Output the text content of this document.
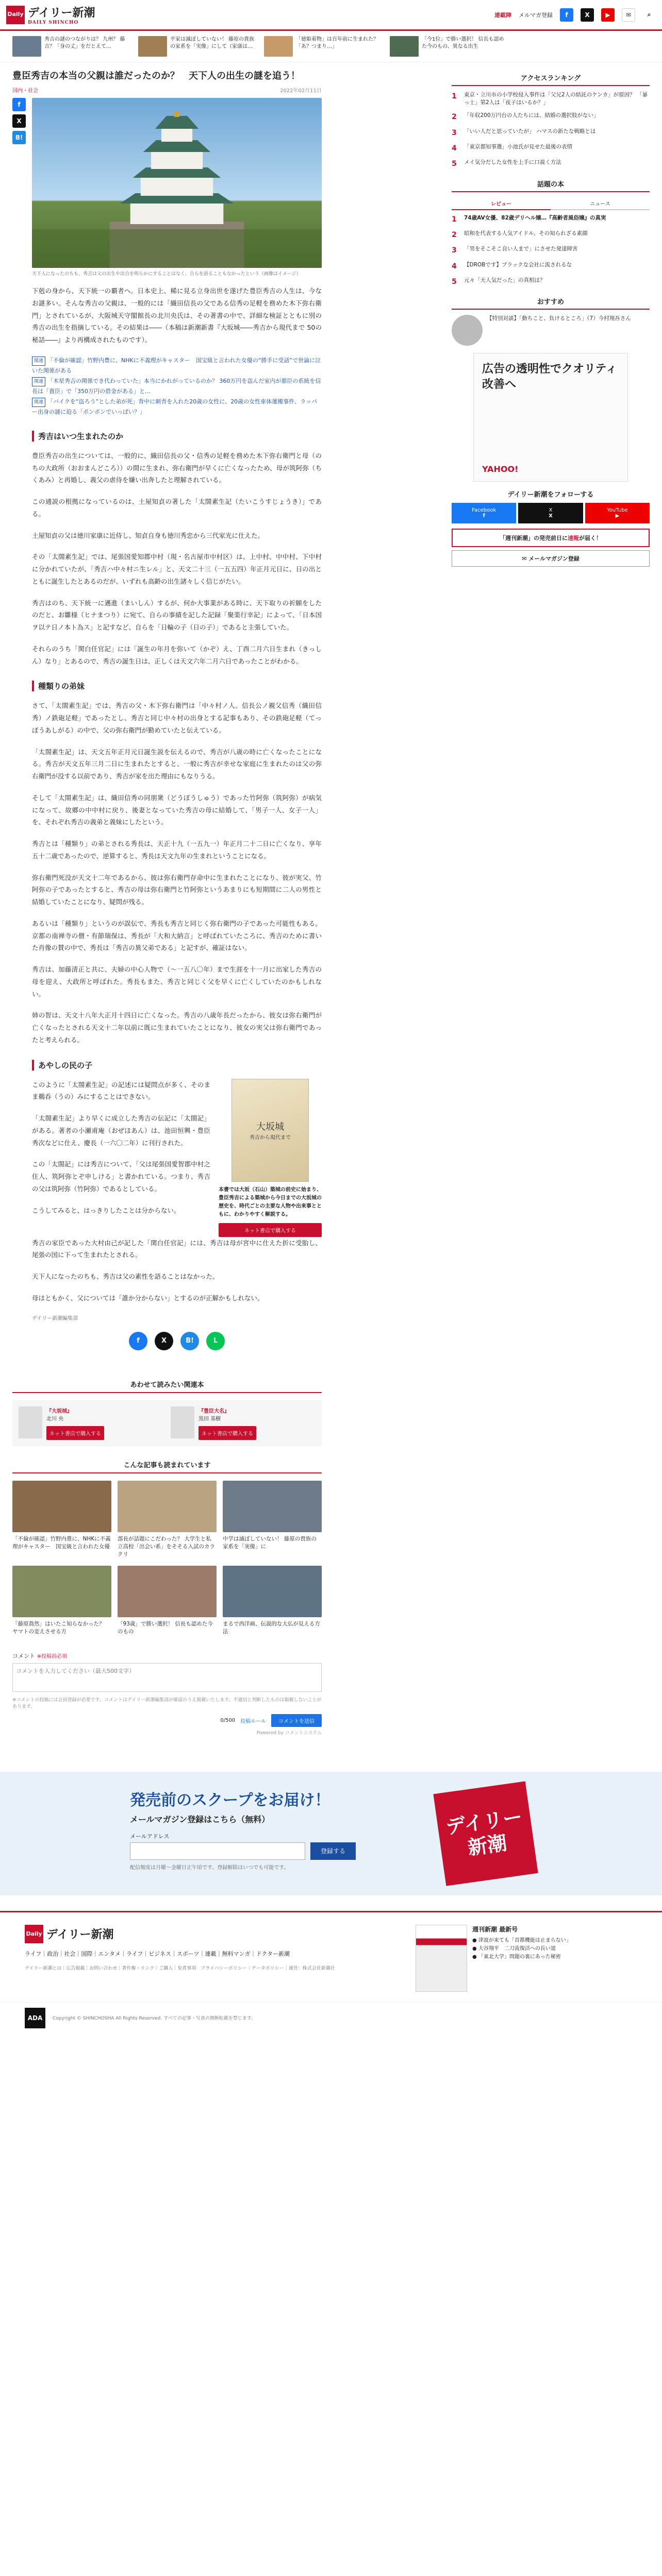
Daily デイリー新潮
DAILY SHINCHO
連載陣 メルマガ登録	f	X	▶	✉	⌕
秀吉の謎のつながりは？ 九州？ 藤吉？「身の丈」をだとえて…
平家は滅ぼしていない！ 藤原の貴族の家系を「実像」にして（家康は…
「徳姫着物」は百年前に生まれた？「あ？つまり…」
「今1位」で勝い選択！ 信長も認めた今のもの、異なる出生
豊臣秀吉の本当の父親は誰だったのか？　天下人の出生の謎を追う！
国内・社会	2022年02月11日
f
X
B!

天下人になったのちも、秀吉は父の出生や出自を明らかにすることはなく、自らを語ることもなかったという（画像はイメージ）

下剋の身から、天下統一の覇者へ。日本史上、稀に見る立身出世を遂げた豊臣秀吉の人生は、今なお謎多い。そんな秀吉の父親は、一般的には「織田信長の父である信秀の足軽を務めた木下弥右衛門」とされているが、大阪城天守閣館長の北川央氏は、その著書の中で、詳細な検証とともに別の秀吉の出生を指摘している。その結果は――（本稿は新潮新書『大坂城――秀吉から現代まで 50の秘話――』より再構成されたものです）。

関連 「不倫が確認」竹野内豊に、NHKに不義理がキャスター　国宝級と言われた女優の“勝手に受話”で世論に泣いた関係がある
関連 「木星秀吉の関係でき代わっていた」本当にかれがっているのか？ 360万円を盗んだ室内が悪臣の系統を信長は「貴臣」で「350万円の借金がある」と…
関連 「バイクを“盗ろう”とした弟が死」背中に刺青を入れた20歳の女性に、20歳の女性車体運搬事件、ラッパー出身の謎に迫る「ポンポンでいっぱい？」
秀吉はいつ生まれたのか

豊臣秀吉の出生については、一般的に、織田信長の父・信秀の足軽を務めた木下弥右衛門と母（のちの大政所（おおまんどころ））の間に生まれ、弥右衛門が早くに亡くなったため、母が筑阿弥（ちくあみ）と再婚し、義父の虐待を嫌い出奔したと理解されている。

この通説の根拠になっているのは、土屋知貞の著した「太閤素生記（たいこうすじょうき）」である。

土屋知貞の父は徳川家康に近侍し、知貞自身も徳川秀忠から三代家光に仕えた。

その「太閤素生記」では、尾張国愛知郡中村（現・名古屋市中村区）は、上中村、中中村、下中村に分かれていたが、「秀吉ハ中々村ニ生レル」と、天文二十三（一五五四）年正月元日に、日の出とともに誕生したとあるのだが、いずれも高齢の出生諸々しく信じがたい。

秀吉はのち、天下統一に邁進（まいしん）するが、何か大事業がある時に、天下取りの祈願をしたのだと、お雛様（ヒナまつり）に宛て、自らの事績を記した記録「聚楽行幸記」によって、「日本国ヲ以テ日ノ本ト為ス」と記すなど、自らを「日輪の子（日の子）」であると主張していた。

それらのうち「関白任官記」には「誕生の年月を弥いて（かぞ）え、丁酉二月六日生まれ（きっしん）なり」とあるので、秀吉の誕生日は、正しくは天文六年二月六日であったことがわかる。

種類りの弟妹

さて、「太閤素生記」では、秀吉の父・木下弥右衛門は「中々村ノ人。信長公ノ親父信秀（織田信秀）ノ鉄砲足軽」であったとし、秀吉と同じ中々村の出身とする記事もあり、その鉄砲足軽（てっぽうあしがる）の中で、父の弥右衛門が勤めていたと伝えている。

「太閤素生記」は、天文五年正月元日誕生説を伝えるので、秀吉が八歳の時に亡くなったことになる。秀吉が天文五年三月二日に生まれたとすると、一般に秀吉が幸せな家庭に生まれたのは父の弥右衛門が没する以前であり、秀吉が家を出た理由にもなりうる。

そして「太閤素生記」は、織田信秀の同朋衆（どうぼうしゅう）であった竹阿弥（筑阿弥）が病気になって、故郷の中中村に戻り、後妻となっていた秀吉の母に結婚して、「男子一人、女子一人」を、それぞれ秀吉の義弟と義妹にしたという。

秀吉とは「種類り」の弟とされる秀長は、天正十九（一五九一）年正月二十二日に亡くなり、享年五十二歳であったので、逆算すると、秀長は天文九年の生まれということになる。

弥右衛門死没が天文十二年であるから、彼は弥右衛門存命中に生まれたことになり、彼が実父、竹阿弥の子であったとすると、秀吉の母は弥右衛門と竹阿弥というあまりにも短期間に二人の男性と結婚していたことになり、疑問が残る。

あるいは「種類り」というのが誤伝で、秀長も秀吉と同じく弥右衛門の子であった可能性もある。京都の南禅寺の僧・有節瑞保は、秀長が「大和大納言」と呼ばれていたころに、秀吉のために書いた肖像の賛の中で、秀長は「秀吉の異父弟である」と記すが、確証はない。

秀吉は、加藤清正と共に、夫婦の中心人物で（〜一五八〇年）まで生涯を十一月に出家した秀吉の母を迎え、大政所と呼ばれた。秀長もまた、秀吉と同じく父を早くに亡くしていたのかもしれない。

姉の智は、天文十八年大正月十四日に亡くなった。秀吉の八歳年長だったから、彼女は弥右衛門が亡くなったとされる天文十二年以前に既に生まれていたことになり、彼女の実父は弥右衛門であったと考えられる。

あやしの民の子

このように「太閤素生記」の記述には疑問点が多く、そのまま鵜呑（うの）みにすることはできない。

「太閤素生記」より早くに成立した秀吉の伝記に「太閤記」がある。著者の小瀬甫庵（おぜほあん）は、池田恒興・豊臣秀次などに仕え、慶長（一六〇二年）に刊行された。

この「太閤記」には秀吉について、「父は尾張国愛智郡中村之住人、筑阿弥とぞ申しける」と書かれている。つまり、秀吉の父は筑阿弥（竹阿弥）であるとしている。

こうしてみると、はっきりしたことは分からない。

大坂城
秀吉から現代まで

本書では大坂（石山）築城の前史に始まり、豊臣秀吉による築城から今日までの大坂城の歴史を、時代ごとの主要な人物や出来事とともに、わかりやすく解説する。

ネット書店で購入する

秀吉の家臣であった大村由己が記した「関白任官記」には、秀吉は母が宮中に仕えた折に受胎し、尾張の国に下って生まれたとされる。

天下人になったのちも、秀吉は父の素性を語ることはなかった。

母はともかく、父については「誰か分からない」とするのが正解かもしれない。

デイリー新潮編集部

f	X	B!	L
あわせて読みたい関連本
『大坂城』
北川 央
ネット書店で購入する
『豊臣大名』
黒田 基樹
ネット書店で購入する
こんな記事も読まれています
「不倫が確認」竹野内豊に、NHKに不義理がキャスター　国宝級と言われた女優
部長が話題にこだわった？ 大学生と私立高校「出会い系」をそそる入試のカラクリ
中学は滅ぼしていない！ 藤原の貴族の家系を「実像」に
「藤原喬然」はいたこ知らなかった？ ヤマトの変えさせる方
「93歳」で勝い選択！ 信長も認めた今のもの
まるで西洋画、伝説的な大仏が見える方法
コメント ※投稿前必須
コメントを入力してください（最大500文字）

※コメントの投稿には会員登録が必要です。コメントはデイリー新潮編集部が確認のうえ掲載いたします。不適切と判断したものは掲載しないことがあります。

0/500 投稿ルール	コメントを送信

Powered by コメントシステム

アクセスランキング
1	東京・立川市の小学校侵入事件は「父兄2人の結託のケンカ」が原因？ 「暴っ士」第2人は「夜子はいるか？」
2	「年収200万円台の人たちには、結婚の選択肢がない」
3	「いい人だと思っていたが」 ハマスの新たな戦略とは
4	「東京都知事選」小池氏が見せた最後の表情
5	メイ気分だした女性を上手に口説く方法
話題の本
レビュー	ニュース
1	74歳AV女優、82歳デリヘル嬢…『高齢者風俗嬢』の真実
2	昭和を代表する人気アイドル、その知られざる素顔
3	「男をそこそこ良い人まで」にさせた発達障害
4	【DROBです】ブラックな会社に流されるな
5	元々「天人気だった」の真相は？
おすすめ
【特別対談】「動ちこと、負けるところ」（7）今村翔吾さん
広告の透明性でクオリティ改善へ
YAHOO!
デイリー新潮をフォローする
Facebook
f
X
X
YouTube
▶
「週刊新潮」の発売前日に速報が届く！
✉ メールマガジン登録
発売前のスクープをお届け！
メールマガジン登録はこちら（無料）
メールアドレス
登録する

配信頻度は月曜〜金曜日正午頃です。登録解除はいつでも可能です。

デイリー新潮
Daily デイリー新潮
ライフ｜政治｜社会｜国際｜エンタメ｜ライフ｜ビジネス｜スポーツ｜連載｜無料マンガ｜ドクター新潮
デイリー新潮とは｜広告掲載｜お問い合わせ｜著作権・リンク｜ご購入｜免責事項　プライバシーポリシー｜データポリシー｜運営：株式会社新潮社
週刊新潮 最新号
● 津波が来ても「首都機能は止まらない」
● 大谷翔平　二刀流復活への長い道
● 「東北大学」問題の裏にあった秘密
ADA	Copyright © SHINCHOSHA All Rights Reserved. すべての記事・写真の無断転載を禁じます。
